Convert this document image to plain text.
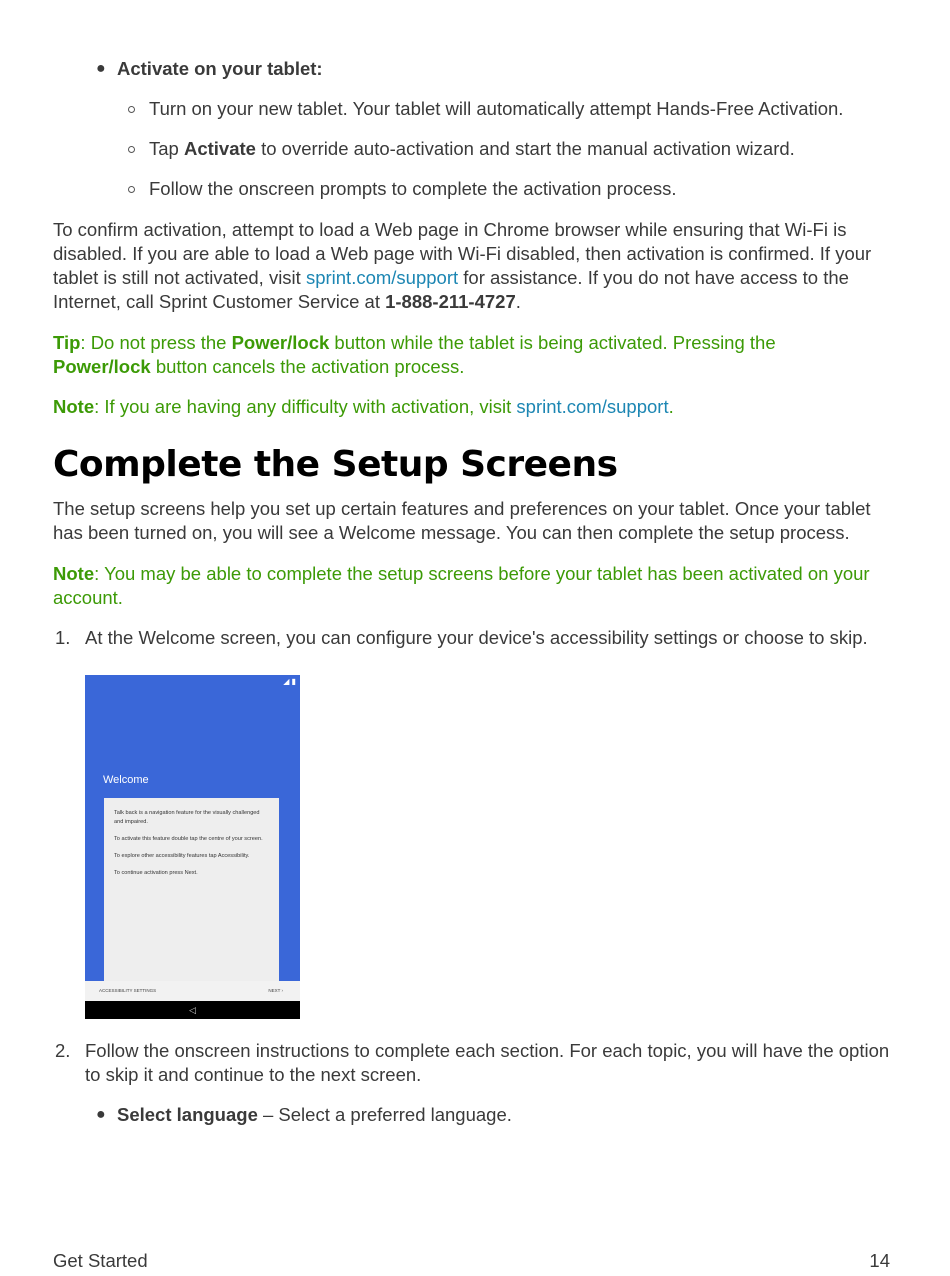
● Activate on your tablet:
Turn on your new tablet. Your tablet will automatically attempt Hands-Free Activation.
Tap Activate to override auto-activation and start the manual activation wizard.
Follow the onscreen prompts to complete the activation process.

To confirm activation, attempt to load a Web page in Chrome browser while ensuring that Wi-Fi is disabled. If you are able to load a Web page with Wi-Fi disabled, then activation is confirmed. If your tablet is still not activated, visit sprint.com/support for assistance. If you do not have access to the Internet, call Sprint Customer Service at 1-888-211-4727.

Tip: Do not press the Power/lock button while the tablet is being activated. Pressing the Power/lock button cancels the activation process.

Note: If you are having any difficulty with activation, visit sprint.com/support.

Complete the Setup Screens

The setup screens help you set up certain features and preferences on your tablet. Once your tablet has been turned on, you will see a Welcome message. You can then complete the setup process.

Note: You may be able to complete the setup screens before your tablet has been activated on your account.

1. At the Welcome screen, you can configure your device's accessibility settings or choose to skip.
◢ ▮
Welcome

Talk back is a navigation feature for the visually challenged and impaired.

To activate this feature double tap the centre of your screen.

To explore other accessibility features tap Accessibility.

To continue activation press Next.

ACCESSIBILITY SETTINGS	NEXT ›
◁
2. Follow the onscreen instructions to complete each section. For each topic, you will have the option to skip it and continue to the next screen.
● Select language – Select a preferred language.
Get Started	14
